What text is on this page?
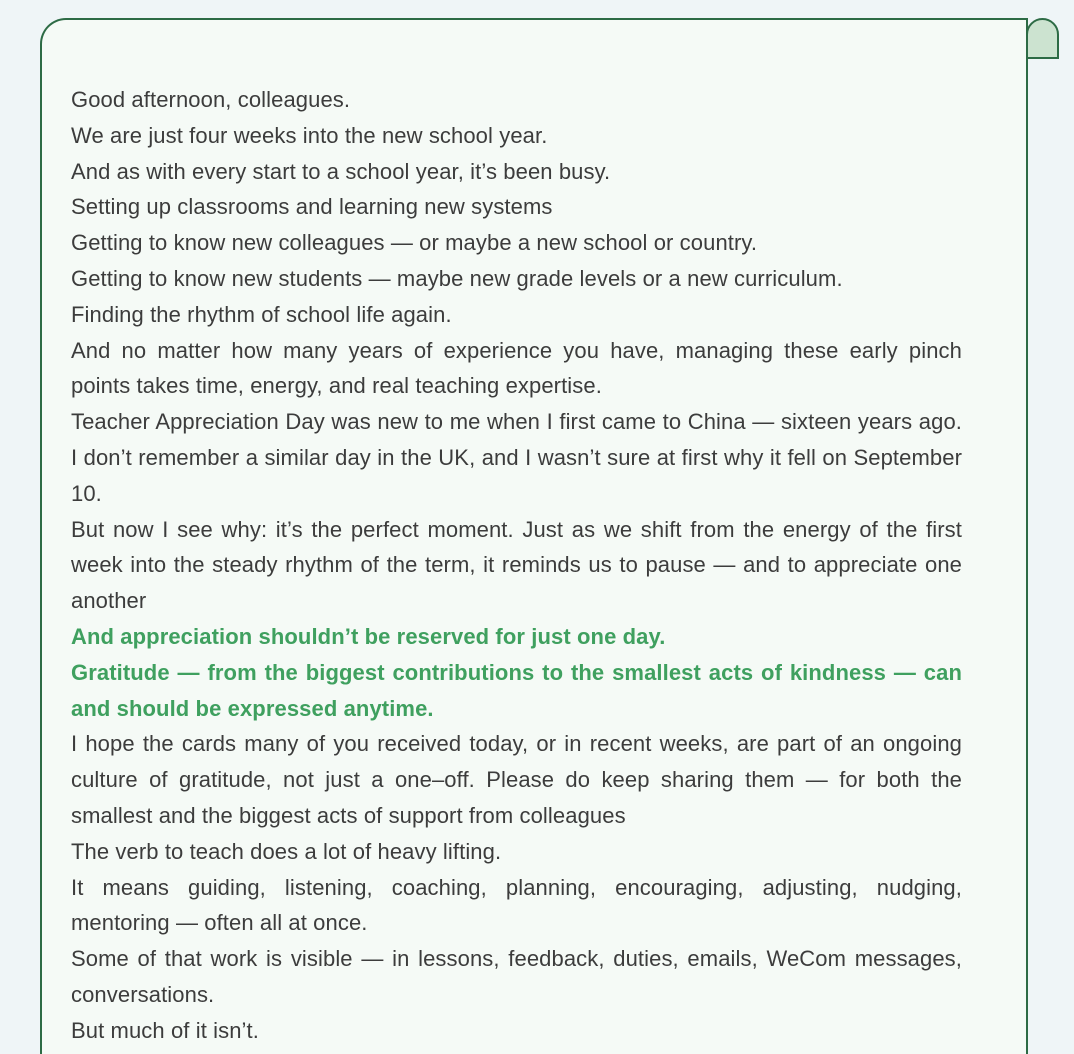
Good afternoon, colleagues.
We are just four weeks into the new school year.
And as with every start to a school year, it’s been busy.
Setting up classrooms and learning new systems
Getting to know new colleagues — or maybe a new school or country.
Getting to know new students — maybe new grade levels or a new curriculum.
Finding the rhythm of school life again.
And no matter how many years of experience you have, managing these early pinch points takes time, energy, and real teaching expertise.
Teacher Appreciation Day was new to me when I first came to China — sixteen years ago. I don’t remember a similar day in the UK, and I wasn’t sure at first why it fell on September 10.
But now I see why: it’s the perfect moment. Just as we shift from the energy of the first week into the steady rhythm of the term, it reminds us to pause — and to appreciate one another
And appreciation shouldn’t be reserved for just one day.
Gratitude — from the biggest contributions to the smallest acts of kindness — can and should be expressed anytime.
I hope the cards many of you received today, or in recent weeks, are part of an ongoing culture of gratitude, not just a one–off. Please do keep sharing them — for both the smallest and the biggest acts of support from colleagues
The verb to teach does a lot of heavy lifting.
It means guiding, listening, coaching, planning, encouraging, adjusting, nudging, mentoring — often all at once.
Some of that work is visible — in lessons, feedback, duties, emails, WeCom messages, conversations.
But much of it isn’t.
